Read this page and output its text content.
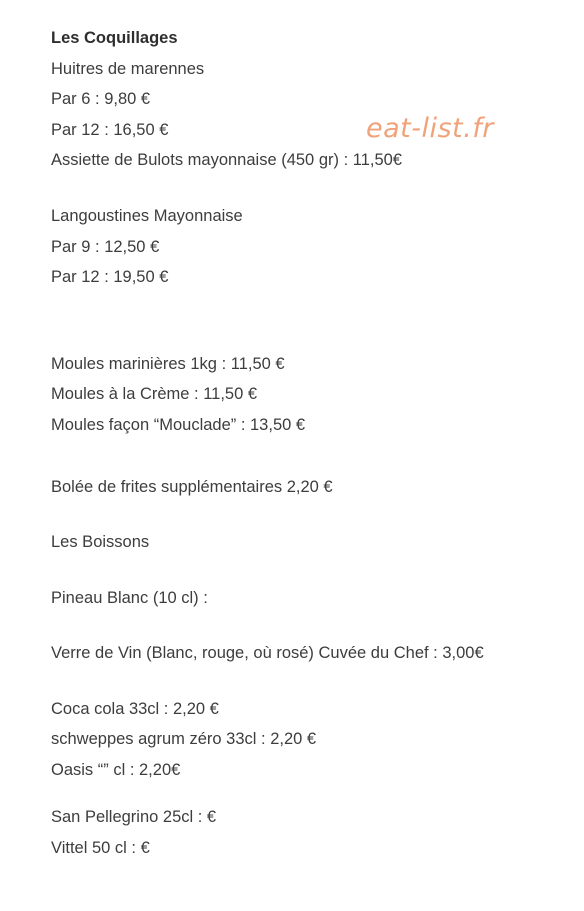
Les Coquillages
Huitres de marennes
Par 6 : 9,80 €
Par 12 : 16,50 €
Assiette de Bulots mayonnaise (450 gr) : 11,50€
Langoustines Mayonnaise
Par 9 : 12,50 €
Par 12 : 19,50 €
Moules marinières 1kg : 11,50 €
Moules à la Crème : 11,50 €
Moules façon “Mouclade” : 13,50 €
Bolée de frites supplémentaires 2,20 €
Les Boissons
Pineau Blanc (10 cl) :
Verre de Vin (Blanc, rouge, où rosé) Cuvée du Chef : 3,00€
Coca cola 33cl : 2,20 €
schweppes agrum zéro 33cl : 2,20 €
Oasis “” cl : 2,20€
San Pellegrino 25cl : €
Vittel 50 cl : €
eat-list.fr
